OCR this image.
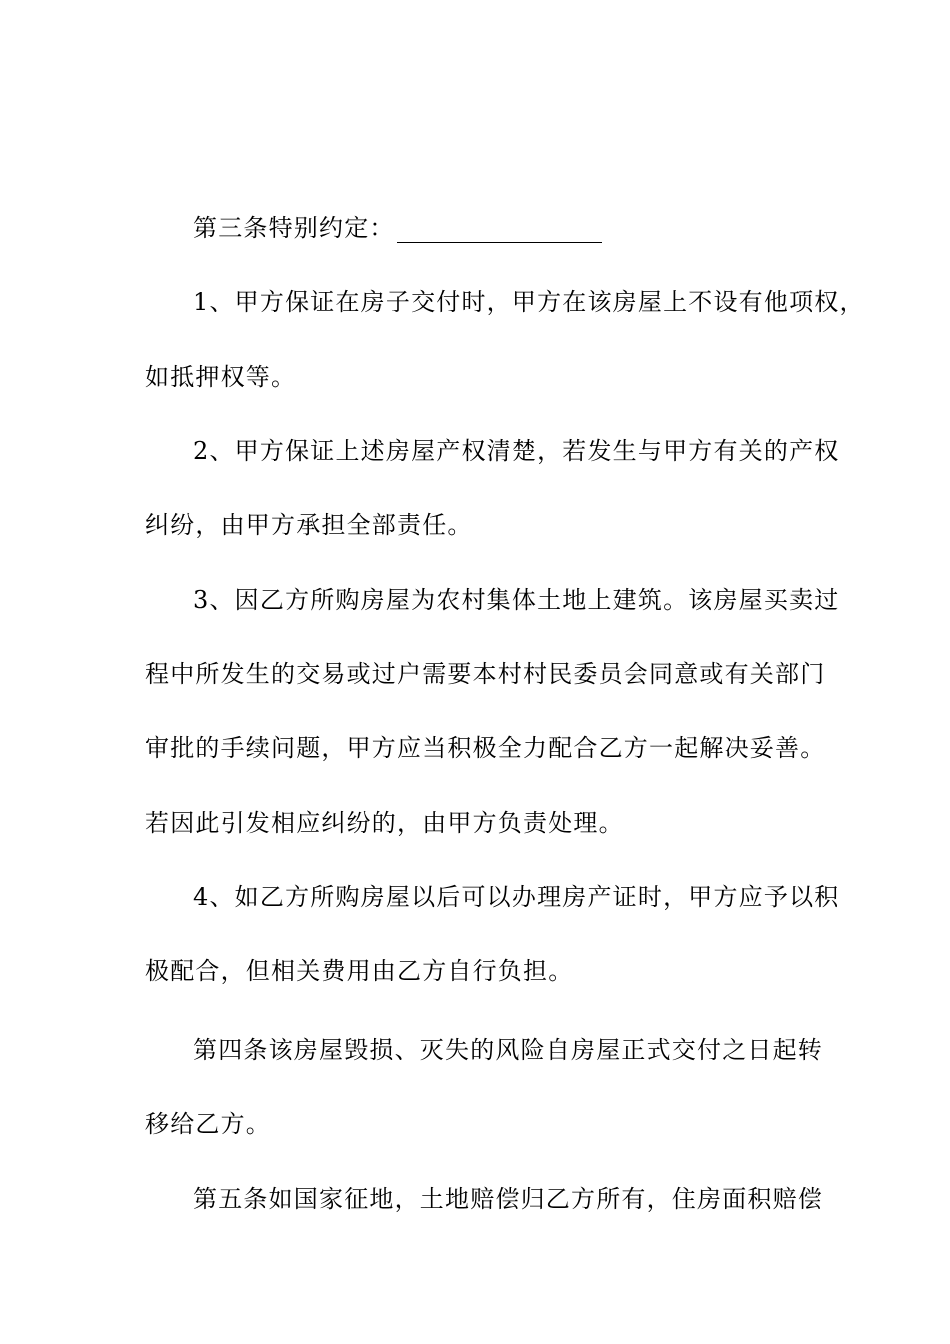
第三条特别约定：
1、甲方保证在房子交付时，甲方在该房屋上不设有他项权，
如抵押权等。
2、甲方保证上述房屋产权清楚，若发生与甲方有关的产权
纠纷，由甲方承担全部责任。
3、因乙方所购房屋为农村集体土地上建筑。该房屋买卖过
程中所发生的交易或过户需要本村村民委员会同意或有关部门
审批的手续问题，甲方应当积极全力配合乙方一起解决妥善。
若因此引发相应纠纷的，由甲方负责处理。
4、如乙方所购房屋以后可以办理房产证时，甲方应予以积
极配合，但相关费用由乙方自行负担。
第四条该房屋毁损、灭失的风险自房屋正式交付之日起转
移给乙方。
第五条如国家征地，土地赔偿归乙方所有，住房面积赔偿
